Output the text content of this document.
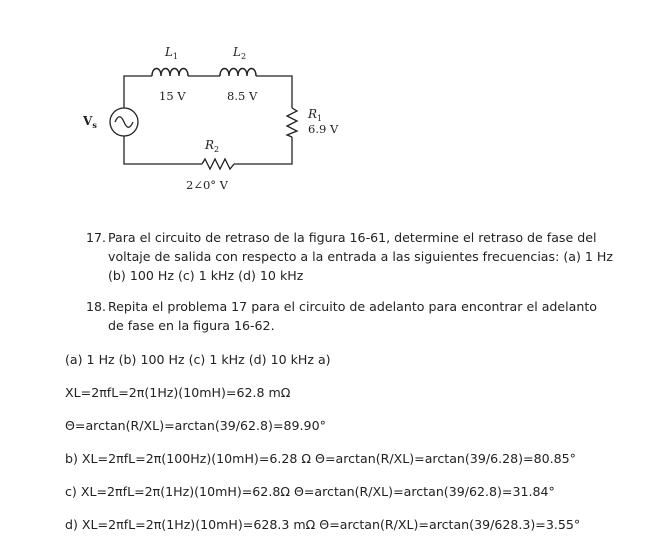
$V_s$
$L_1$
15 V
$L_2$
8.5 V
$R_1$
6.9 V
$R_2$
2∠0° V
17. Para el circuito de retraso de la figura 16-61, determine el retraso de fase del voltaje de salida con respecto a la entrada a las siguientes frecuencias: (a) 1 Hz (b) 100 Hz (c) 1 kHz (d) 10 kHz
18. Repita el problema 17 para el circuito de adelanto para encontrar el adelanto de fase en la figura 16-62.

(a) 1 Hz (b) 100 Hz (c) 1 kHz (d) 10 kHz a)

XL=2πfL=2π(1Hz)(10mH)=62.8 mΩ

Θ=arctan(R/XL)=arctan(39/62.8)=89.90°

b) XL=2πfL=2π(100Hz)(10mH)=6.28 Ω Θ=arctan(R/XL)=arctan(39/6.28)=80.85°

c) XL=2πfL=2π(1Hz)(10mH)=62.8Ω Θ=arctan(R/XL)=arctan(39/62.8)=31.84°

d) XL=2πfL=2π(1Hz)(10mH)=628.3 mΩ Θ=arctan(R/XL)=arctan(39/628.3)=3.55°
